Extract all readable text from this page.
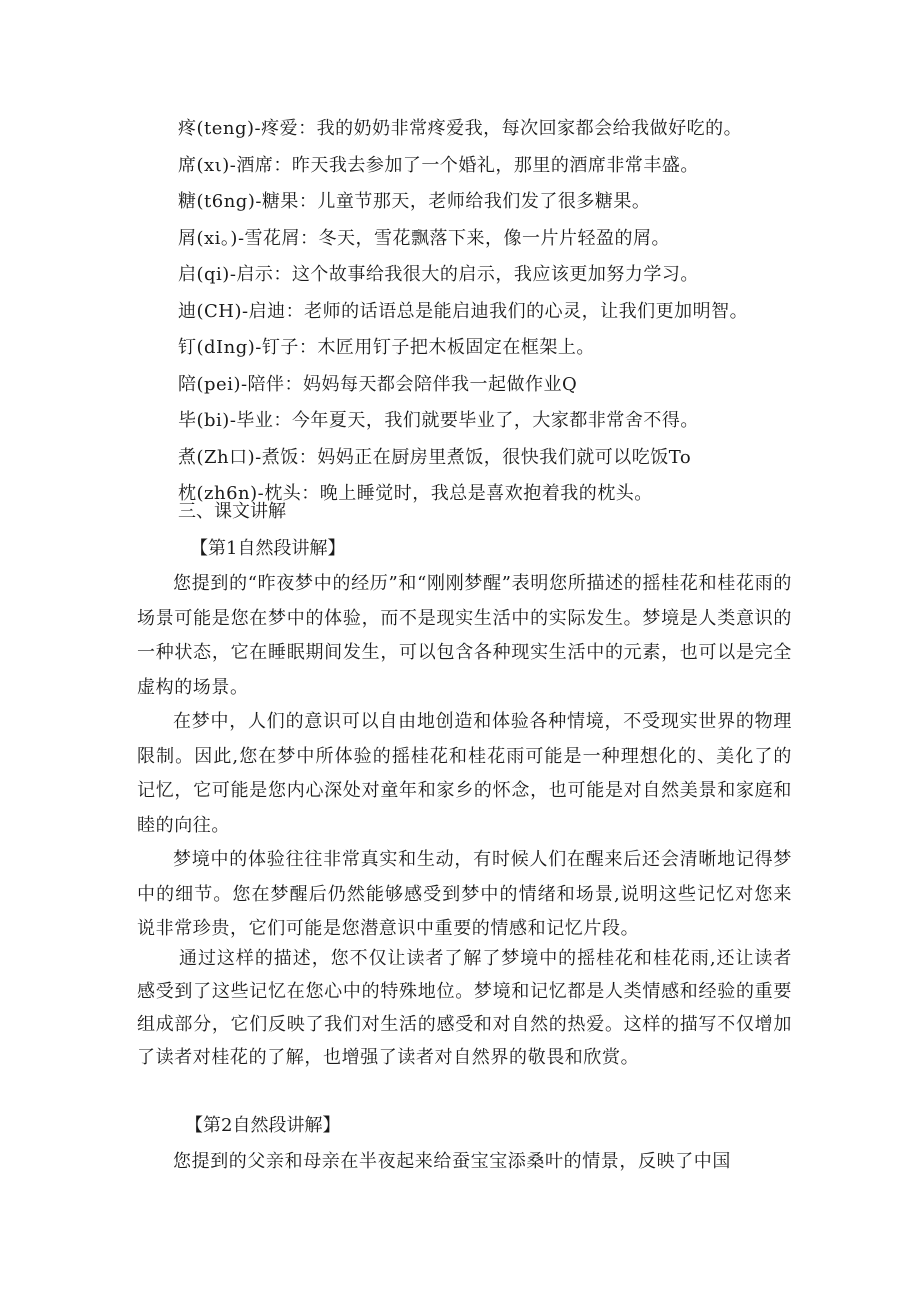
疼(teng)-疼爱：我的奶奶非常疼爱我，每次回家都会给我做好吃的。
席(xι)-酒席：昨天我去参加了一个婚礼，那里的酒席非常丰盛。
糖(t6ng)-糖果：儿童节那天，老师给我们发了很多糖果。
屑(xi。)-雪花屑：冬天，雪花飘落下来，像一片片轻盈的屑。
启(qi)-启示：这个故事给我很大的启示，我应该更加努力学习。
迪(CH)-启迪：老师的话语总是能启迪我们的心灵，让我们更加明智。
钉(dIng)-钉子：木匠用钉子把木板固定在框架上。
陪(pei)-陪伴：妈妈每天都会陪伴我一起做作业Q
毕(bi)-毕业：今年夏天，我们就要毕业了，大家都非常舍不得。
煮(Zh口)-煮饭：妈妈正在厨房里煮饭，很快我们就可以吃饭To
枕(zh6n)-枕头：晚上睡觉时，我总是喜欢抱着我的枕头。
三、课文讲解
【第1自然段讲解】
您提到的“昨夜梦中的经历”和“刚刚梦醒”表明您所描述的摇桂花和桂花雨的场景可能是您在梦中的体验，而不是现实生活中的实际发生。梦境是人类意识的一种状态，它在睡眠期间发生，可以包含各种现实生活中的元素，也可以是完全虚构的场景。
在梦中，人们的意识可以自由地创造和体验各种情境，不受现实世界的物理限制。因此,您在梦中所体验的摇桂花和桂花雨可能是一种理想化的、美化了的记忆，它可能是您内心深处对童年和家乡的怀念，也可能是对自然美景和家庭和睦的向往。
梦境中的体验往往非常真实和生动，有时候人们在醒来后还会清晰地记得梦中的细节。您在梦醒后仍然能够感受到梦中的情绪和场景,说明这些记忆对您来说非常珍贵，它们可能是您潜意识中重要的情感和记忆片段。
通过这样的描述，您不仅让读者了解了梦境中的摇桂花和桂花雨,还让读者感受到了这些记忆在您心中的特殊地位。梦境和记忆都是人类情感和经验的重要组成部分，它们反映了我们对生活的感受和对自然的热爱。这样的描写不仅增加了读者对桂花的了解，也增强了读者对自然界的敬畏和欣赏。
【第2自然段讲解】
您提到的父亲和母亲在半夜起来给蚕宝宝添桑叶的情景，反映了中国
